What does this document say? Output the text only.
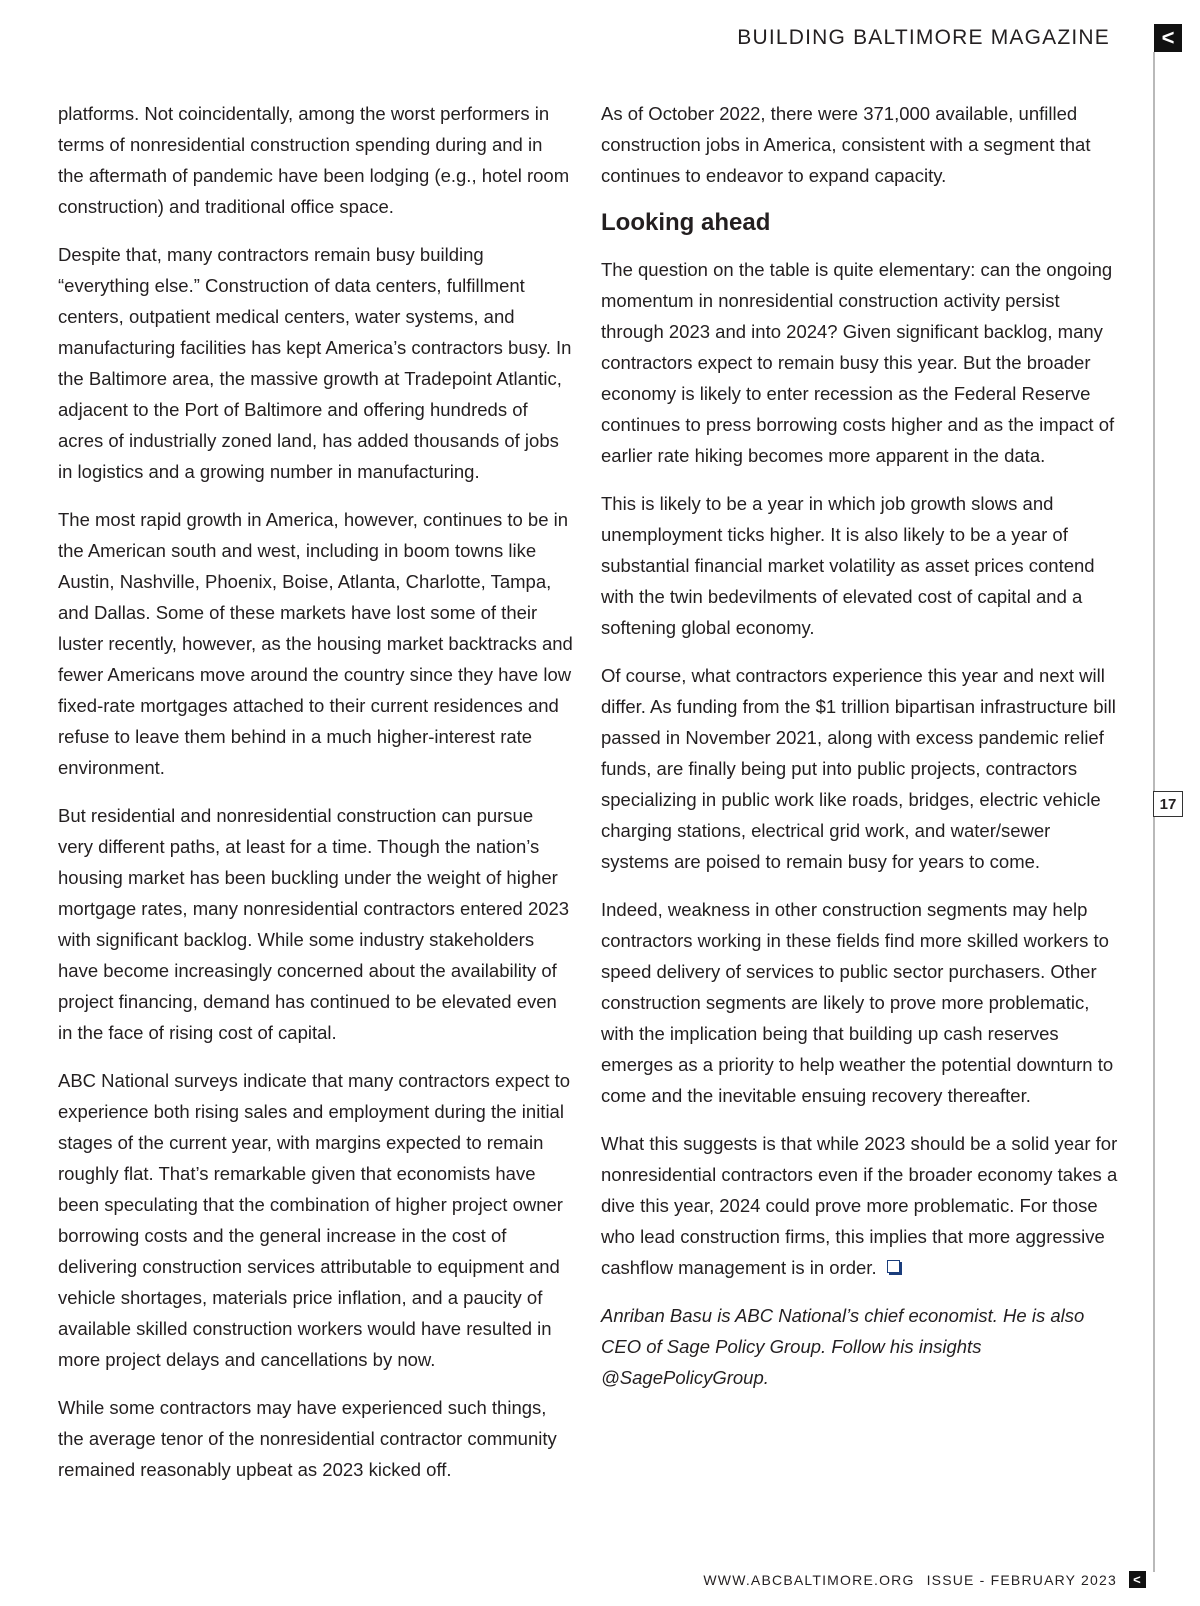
BUILDING BALTIMORE MAGAZINE	<
17

platforms. Not coincidentally, among the worst performers in terms of nonresidential construction spending during and in the aftermath of pandemic have been lodging (e.g., hotel room construction) and traditional office space.

Despite that, many contractors remain busy building “everything else.” Construction of data centers, fulfillment centers, outpatient medical centers, water systems, and manufacturing facilities has kept America’s contractors busy. In the Baltimore area, the massive growth at Tradepoint Atlantic, adjacent to the Port of Baltimore and offering hundreds of acres of industrially zoned land, has added thousands of jobs in logistics and a growing number in manufacturing.

The most rapid growth in America, however, continues to be in the American south and west, including in boom towns like Austin, Nashville, Phoenix, Boise, Atlanta, Charlotte, Tampa, and Dallas. Some of these markets have lost some of their luster recently, however, as the housing market backtracks and fewer Americans move around the country since they have low fixed-rate mortgages attached to their current residences and refuse to leave them behind in a much higher-interest rate environment.

But residential and nonresidential construction can pursue very different paths, at least for a time. Though the nation’s housing market has been buckling under the weight of higher mortgage rates, many nonresidential contractors entered 2023 with significant backlog. While some industry stakeholders have become increasingly concerned about the availability of project financing, demand has continued to be elevated even in the face of rising cost of capital.

ABC National surveys indicate that many contractors expect to experience both rising sales and employment during the initial stages of the current year, with margins expected to remain roughly flat. That’s remarkable given that economists have been speculating that the combination of higher project owner borrowing costs and the general increase in the cost of delivering construction services attributable to equipment and vehicle shortages, materials price inflation, and a paucity of available skilled construction workers would have resulted in more project delays and cancellations by now.

While some contractors may have experienced such things, the average tenor of the nonresidential contractor community remained reasonably upbeat as 2023 kicked off.

As of October 2022, there were 371,000 available, unfilled construction jobs in America, consistent with a segment that continues to endeavor to expand capacity.

Looking ahead

The question on the table is quite elementary: can the ongoing momentum in nonresidential construction activity persist through 2023 and into 2024? Given significant backlog, many contractors expect to remain busy this year. But the broader economy is likely to enter recession as the Federal Reserve continues to press borrowing costs higher and as the impact of earlier rate hiking becomes more apparent in the data.

This is likely to be a year in which job growth slows and unemployment ticks higher. It is also likely to be a year of substantial financial market volatility as asset prices contend with the twin bedevilments of elevated cost of capital and a softening global economy.

Of course, what contractors experience this year and next will differ. As funding from the $1 trillion bipartisan infrastructure bill passed in November 2021, along with excess pandemic relief funds, are finally being put into public projects, contractors specializing in public work like roads, bridges, electric vehicle charging stations, electrical grid work, and water/sewer systems are poised to remain busy for years to come.

Indeed, weakness in other construction segments may help contractors working in these fields find more skilled workers to speed delivery of services to public sector purchasers. Other construction segments are likely to prove more problematic, with the implication being that building up cash reserves emerges as a priority to help weather the potential downturn to come and the inevitable ensuing recovery thereafter.

What this suggests is that while 2023 should be a solid year for nonresidential contractors even if the broader economy takes a dive this year, 2024 could prove more problematic. For those who lead construction firms, this implies that more aggressive cashflow management is in order.

Anriban Basu is ABC National’s chief economist. He is also CEO of Sage Policy Group. Follow his insights @SagePolicyGroup.

WWW.ABCBALTIMORE.ORG ISSUE - FEBRUARY 2023	<
